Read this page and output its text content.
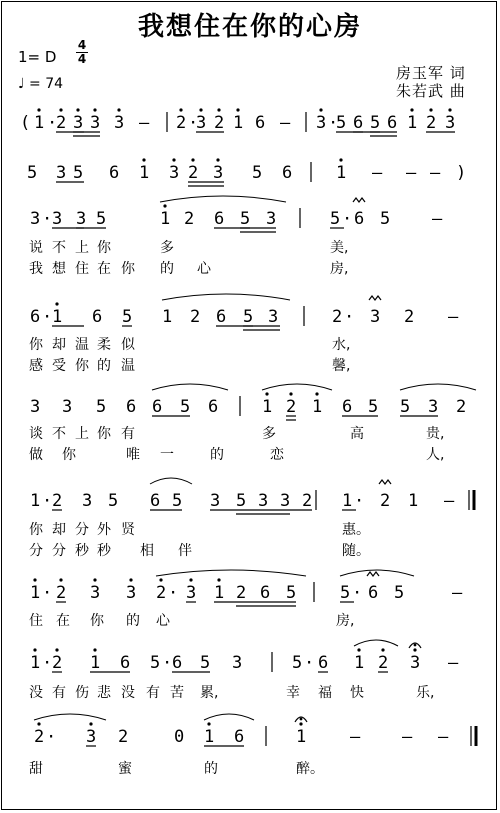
我想住在你的心房
1= D
4
4
♩ = 74
房玉军 词
朱若武 曲
( 1 ·
2 3 3 3 – 2 ·
3 2 1 6 – 3 ·
5 6 5 6 1 2 3
5 3 5 6 1 3 2 3 5 6	1 – – – )
3 · 3 3 5	1 2 6 5 3	5 · 6 5 –
说 不 上 你	多	美,
我 想 住 在 你 的 心	房,
6 · 1 6 5 1 2 6 5 3	2 · 3 2 –
你 却 温 柔 似	水,
感 受 你 的 温	馨,
3 3 5 6 6 5 6	1 2 1 6 5 5 3 2
谈 不 上 你 有	多	高	贵,
做 你	唯 一	的	恋	人,
1 · 2 3 5 6 5 3 5 3 3 2 1 · 2 1 –
你 却 分 外 贤	惠。
分 分 秒 秒 相 伴	随。
1 · 2 3 3 2 · 3 1 2 6 5	5 · 6 5	–
住 在 你 的 心	房,
1 · 2 1 6 5 · 6 5 3	5 · 6 1 2 3 –
没 有 伤 悲 没 有 苦 累,	幸 福 快	乐,
2 · 3 2	0 1 6	1	– – –
甜	蜜	的	醉。
